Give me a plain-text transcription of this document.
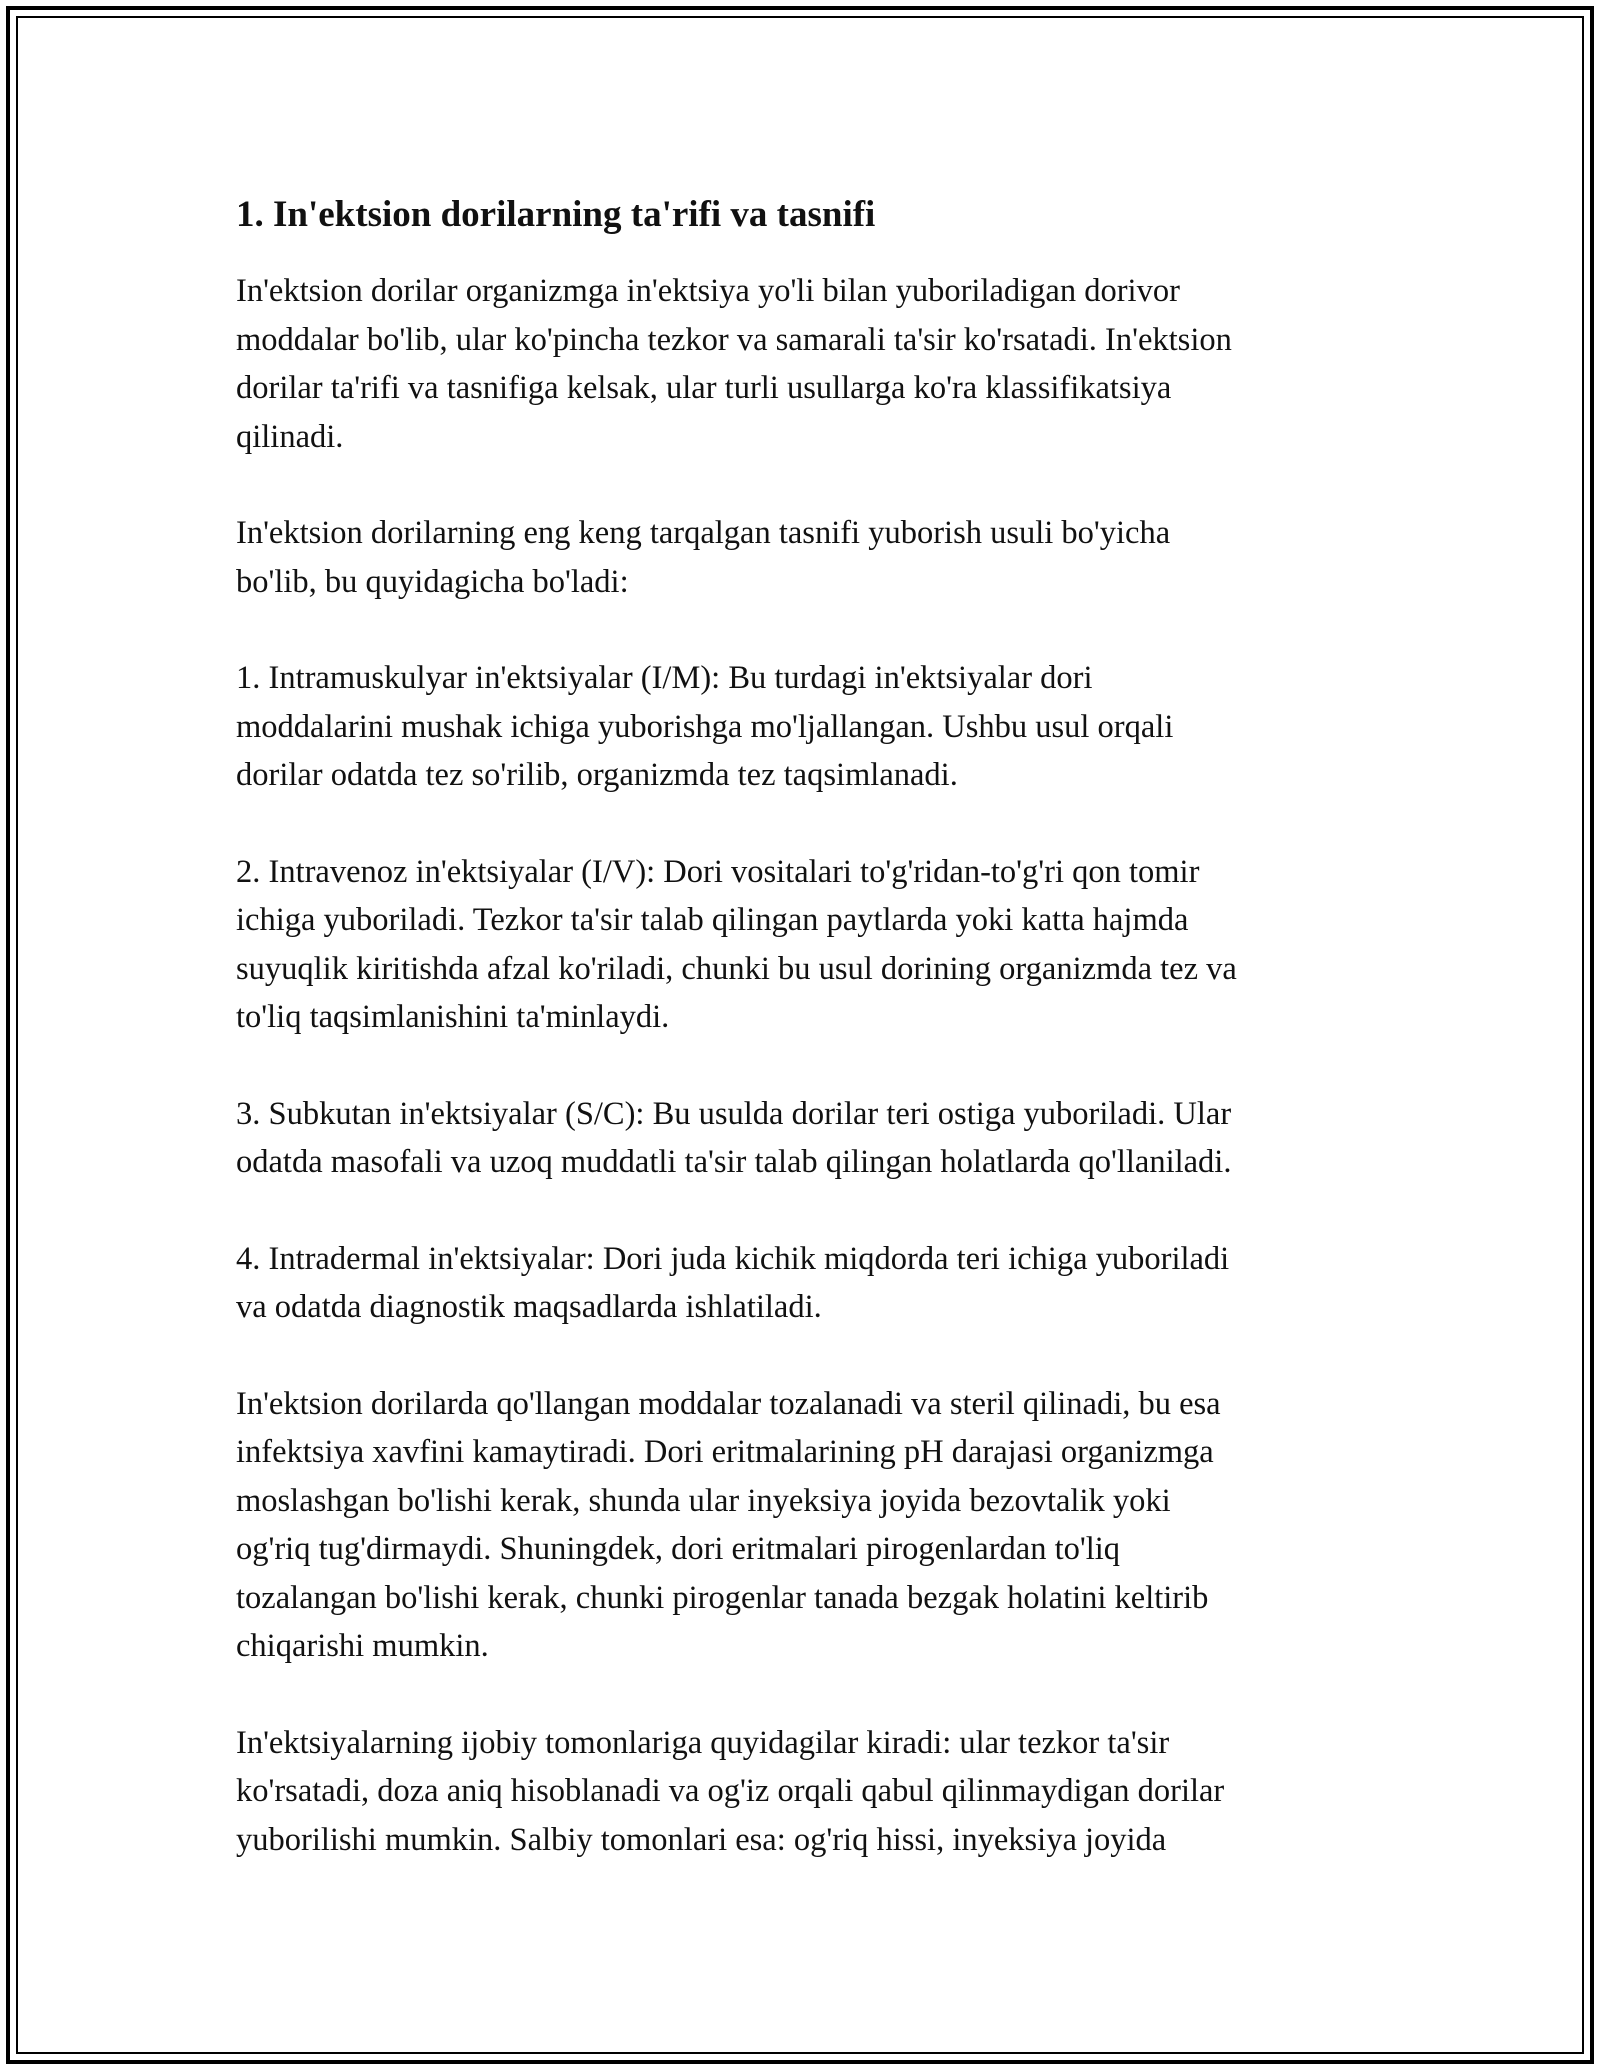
1. In'ektsion dorilarning ta'rifi va tasnifi

In'ektsion dorilar organizmga in'ektsiya yo'li bilan yuboriladigan dorivor
moddalar bo'lib, ular ko'pincha tezkor va samarali ta'sir ko'rsatadi. In'ektsion
dorilar ta'rifi va tasnifiga kelsak, ular turli usullarga ko'ra klassifikatsiya
qilinadi.

In'ektsion dorilarning eng keng tarqalgan tasnifi yuborish usuli bo'yicha
bo'lib, bu quyidagicha bo'ladi:

1. Intramuskulyar in'ektsiyalar (I/M): Bu turdagi in'ektsiyalar dori
moddalarini mushak ichiga yuborishga mo'ljallangan. Ushbu usul orqali
dorilar odatda tez so'rilib, organizmda tez taqsimlanadi.

2. Intravenoz in'ektsiyalar (I/V): Dori vositalari to'g'ridan-to'g'ri qon tomir
ichiga yuboriladi. Tezkor ta'sir talab qilingan paytlarda yoki katta hajmda
suyuqlik kiritishda afzal ko'riladi, chunki bu usul dorining organizmda tez va
to'liq taqsimlanishini ta'minlaydi.

3. Subkutan in'ektsiyalar (S/C): Bu usulda dorilar teri ostiga yuboriladi. Ular
odatda masofali va uzoq muddatli ta'sir talab qilingan holatlarda qo'llaniladi.

4. Intradermal in'ektsiyalar: Dori juda kichik miqdorda teri ichiga yuboriladi
va odatda diagnostik maqsadlarda ishlatiladi.

In'ektsion dorilarda qo'llangan moddalar tozalanadi va steril qilinadi, bu esa
infektsiya xavfini kamaytiradi. Dori eritmalarining pH darajasi organizmga
moslashgan bo'lishi kerak, shunda ular inyeksiya joyida bezovtalik yoki
og'riq tug'dirmaydi. Shuningdek, dori eritmalari pirogenlardan to'liq
tozalangan bo'lishi kerak, chunki pirogenlar tanada bezgak holatini keltirib
chiqarishi mumkin.

In'ektsiyalarning ijobiy tomonlariga quyidagilar kiradi: ular tezkor ta'sir
ko'rsatadi, doza aniq hisoblanadi va og'iz orqali qabul qilinmaydigan dorilar
yuborilishi mumkin. Salbiy tomonlari esa: og'riq hissi, inyeksiya joyida
